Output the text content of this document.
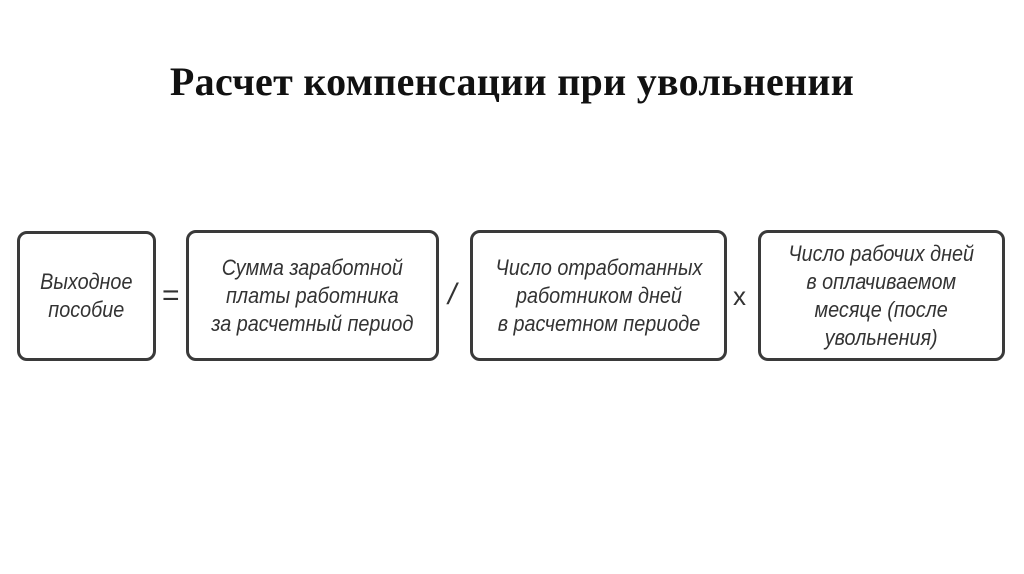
Расчет компенсации при увольнении
Выходное
пособие =
Сумма заработной
платы работника
за расчетный период
/
Число отработанных
работником дней
в расчетном периоде
x
Число рабочих дней
в оплачиваемом
месяце (после
увольнения)
